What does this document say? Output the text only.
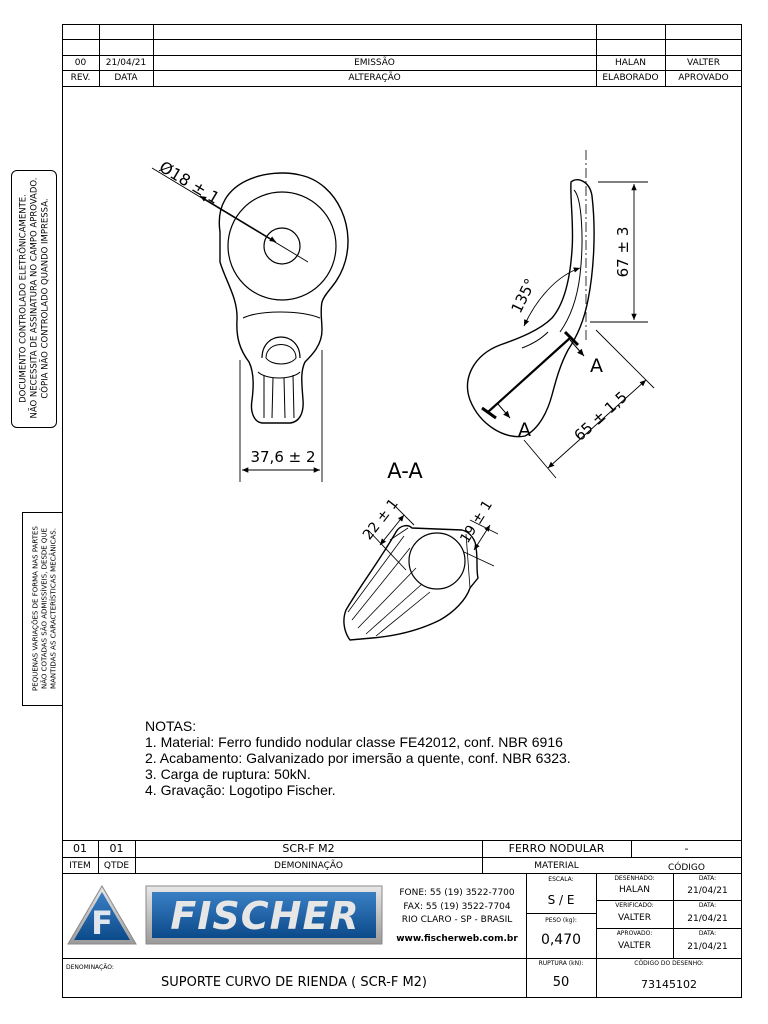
DOCUMENTO CONTROLADO ELETRÔNICAMENTE. NÃO NECESSITA DE ASSINATURA NO CAMPO APROVADO. CÓPIA NÃO CONTROLADO QUANDO IMPRESSA.
PEQUENAS VARIAÇÕES DE FORMA NAS PARTES NÃO COTADAS SÃO ADMISSÍVEIS, DESDE QUE MANTIDAS AS CARACTERÍSTICAS MECÂNICAS.
00	21/04/21	EMISSÃO	HALAN	VALTER
REV.	DATA	ALTERAÇÃO	ELABORADO	APROVADO
Ø18 ± 1
37,6 ± 2
67 ± 3
135°
65 ± 1,5
A
A
A-A
22 ± 1	19 ± 1
NOTAS:
1. Material: Ferro fundido nodular classe FE42012, conf. NBR 6916
2. Acabamento: Galvanizado por imersão a quente, conf. NBR 6323.
3. Carga de ruptura: 50kN.
4. Gravação: Logotipo Fischer.
01	01	SCR-F M2	FERRO NODULAR	-
ITEM	QTDE	DEMONINAÇÃO	MATERIAL	CÓDIGO
F	FISCHER
FONE: 55 (19) 3522-7700
FAX: 55 (19) 3522-7704
RIO CLARO - SP - BRASIL
www.fischerweb.com.br
ESCALA:
S / E
PESO (kg):
0,470
DESENHADO:	DATA:
HALAN	21/04/21
VERIFICADO:	DATA:
VALTER	21/04/21
APROVADO:	DATA:
VALTER	21/04/21
DENOMINAÇÃO:
SUPORTE CURVO DE RIENDA ( SCR-F M2)
RUPTURA (kN):
50
CÓDIGO DO DESENHO:
73145102
